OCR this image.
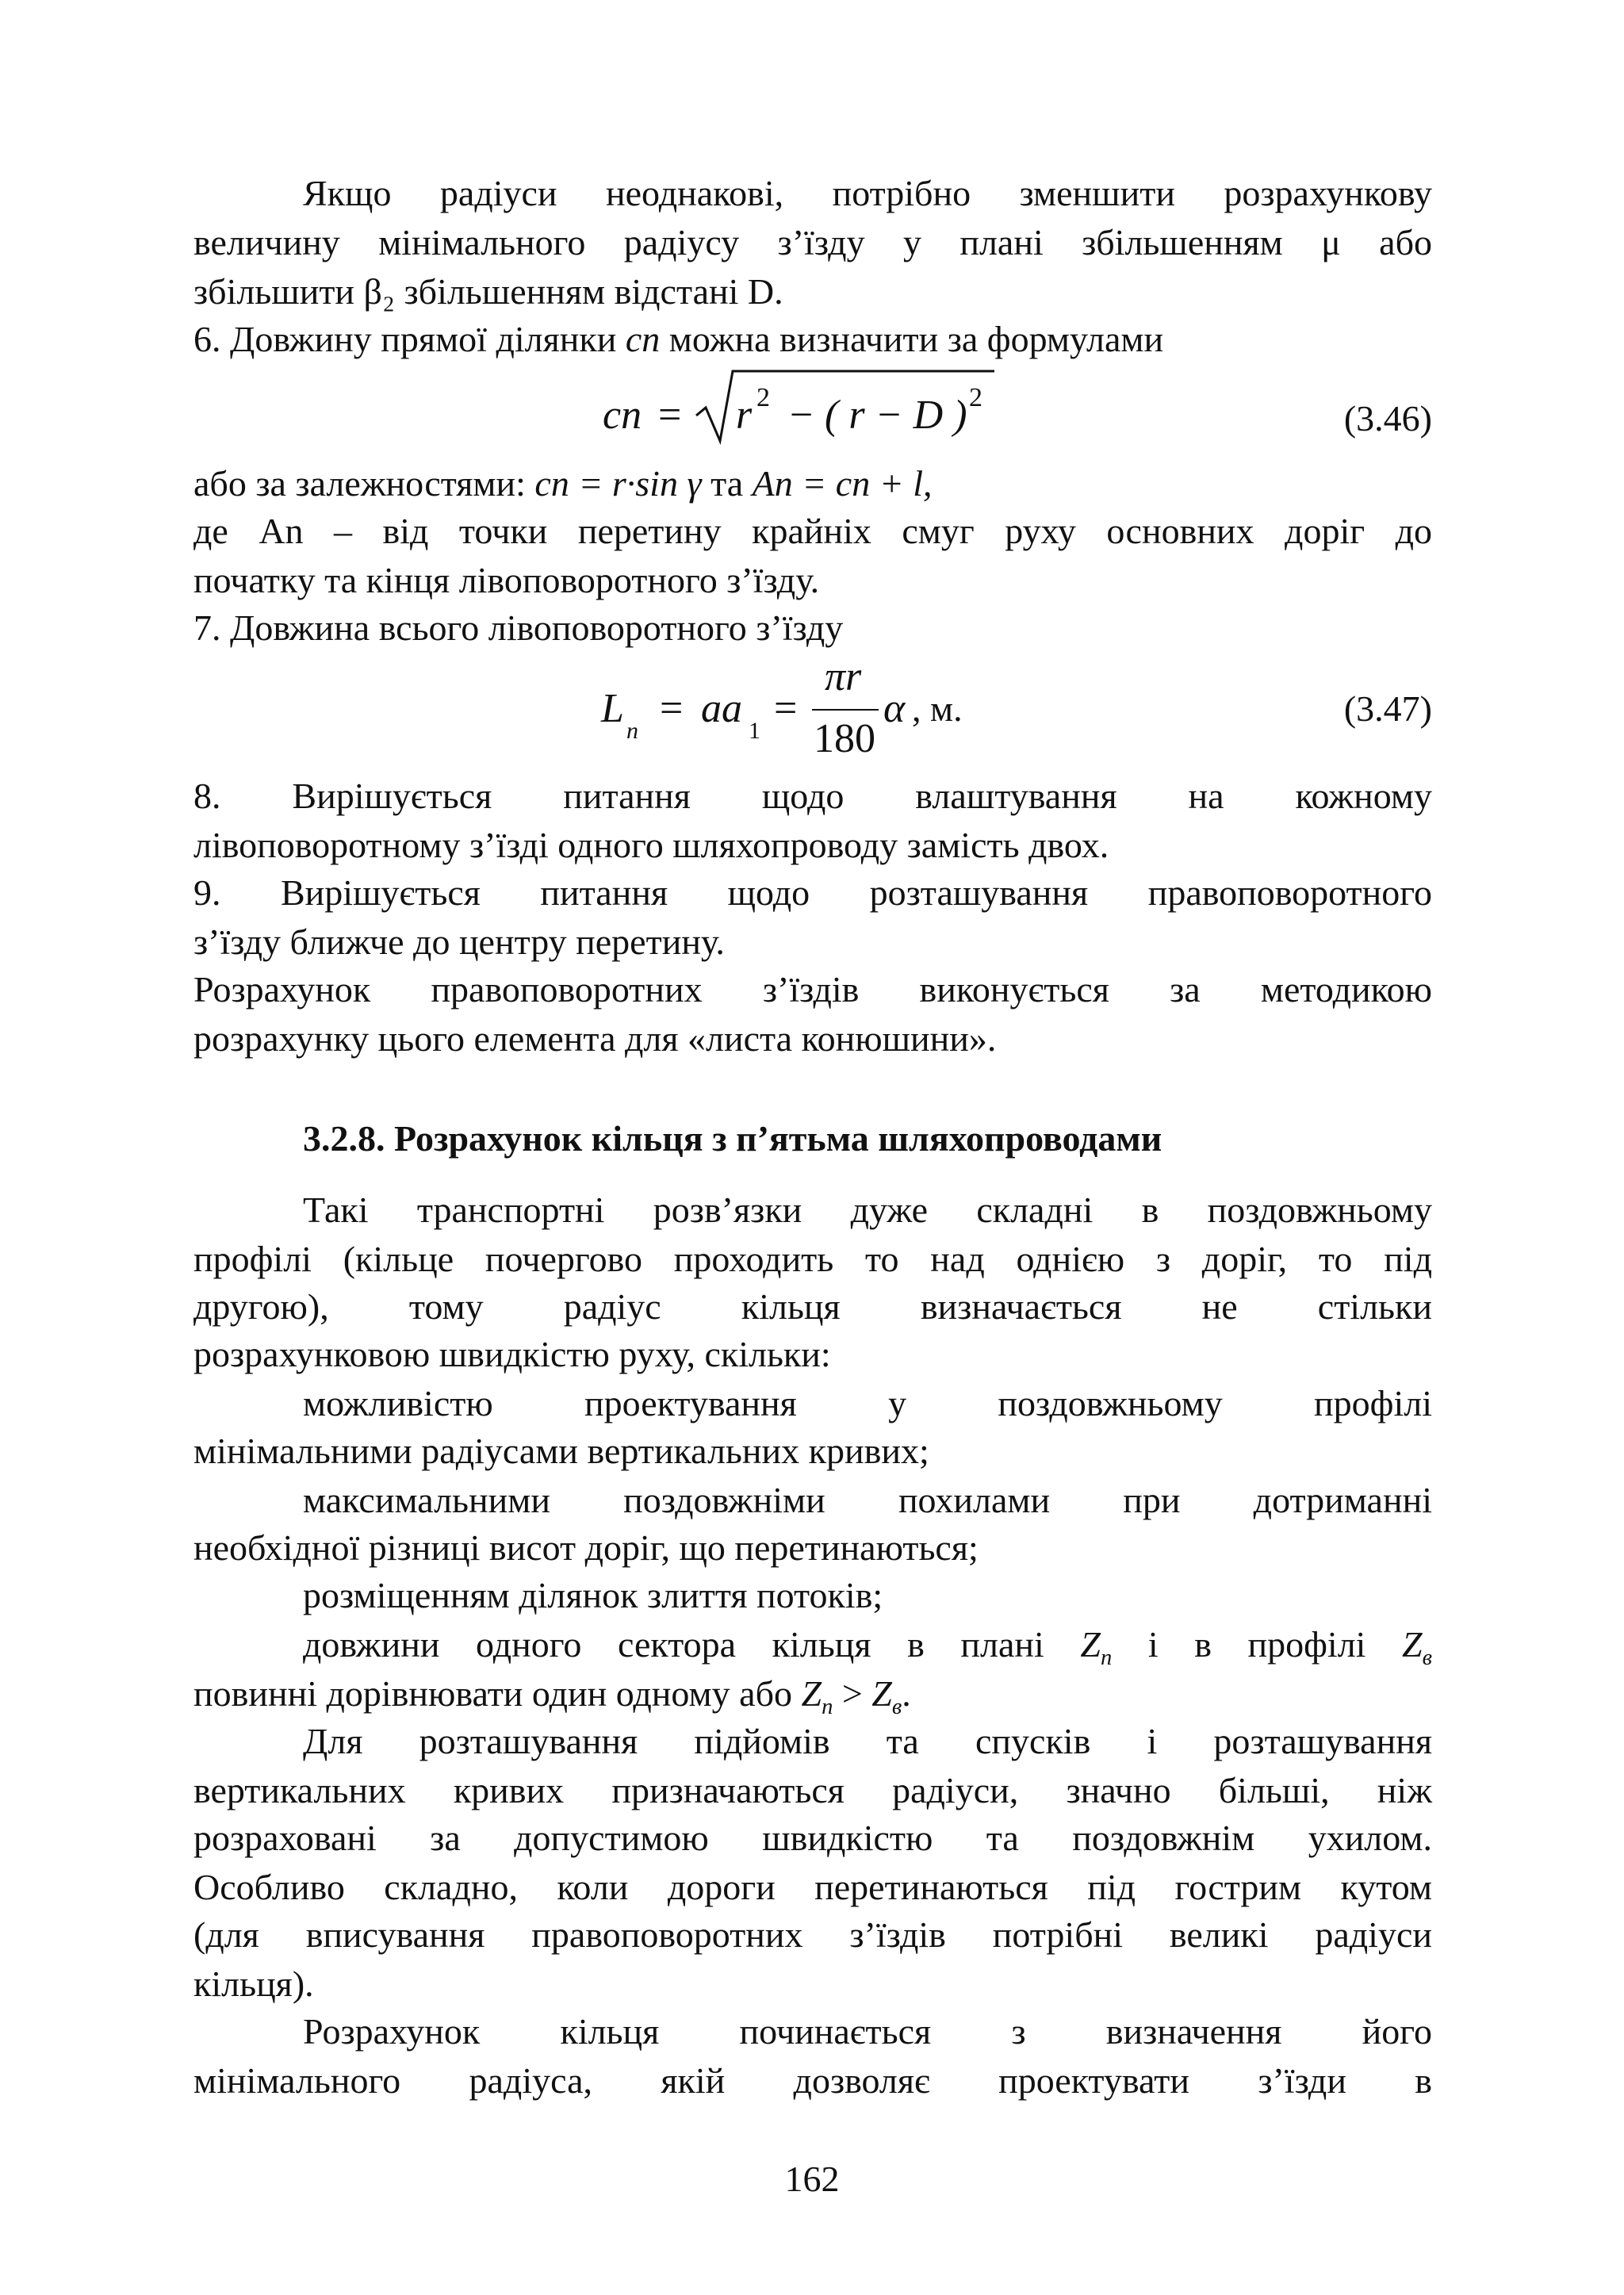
Якщо радіуси неоднакові, потрібно зменшити розрахункову
величину мінімального радіусу з’їзду у плані збільшенням μ або
збільшити β₂ збільшенням відстані D.
6. Довжину прямої ділянки cn можна визначити за формулами
cn = r 2 − ( r − D ) 2
(3.46)
або за залежностями: cn = r·sin γ та An = cn + l,
де Аn – від точки перетину крайніх смуг руху основних доріг до
початку та кінця лівоповоротного з’їзду.
7. Довжина всього лівоповоротного з’їзду
L n = aa 1 =
πr
180
α , м.	(3.47)
8. Вирішується питання щодо влаштування на кожному
лівоповоротному з’їзді одного шляхопроводу замість двох.
9. Вирішується питання щодо розташування правоповоротного
з’їзду ближче до центру перетину.
Розрахунок правоповоротних з’їздів виконується за методикою
розрахунку цього елемента для «листа конюшини».
3.2.8. Розрахунок кільця з п’ятьма шляхопроводами
Такі транспортні розв’язки дуже складні в поздовжньому
профілі (кільце почергово проходить то над однією з доріг, то під
другою), тому радіус кільця визначається не стільки
розрахунковою швидкістю руху, скільки:
можливістю проектування у поздовжньому профілі
мінімальними радіусами вертикальних кривих;
максимальними поздовжніми похилами при дотриманні
необхідної різниці висот доріг, що перетинаються;
розміщенням ділянок злиття потоків;
довжини одного сектора кільця в плані $Z_п$ і в профілі $Z_в$
повинні дорівнювати один одному або $Z_п > Z_в$.
Для розташування підйомів та спусків і розташування
вертикальних кривих призначаються радіуси, значно більші, ніж
розраховані за допустимою швидкістю та поздовжнім ухилом.
Особливо складно, коли дороги перетинаються під гострим кутом
(для вписування правоповоротних з’їздів потрібні великі радіуси
кільця).
Розрахунок кільця починається з визначення його
мінімального радіуса, якій дозволяє проектувати з’їзди в
162
